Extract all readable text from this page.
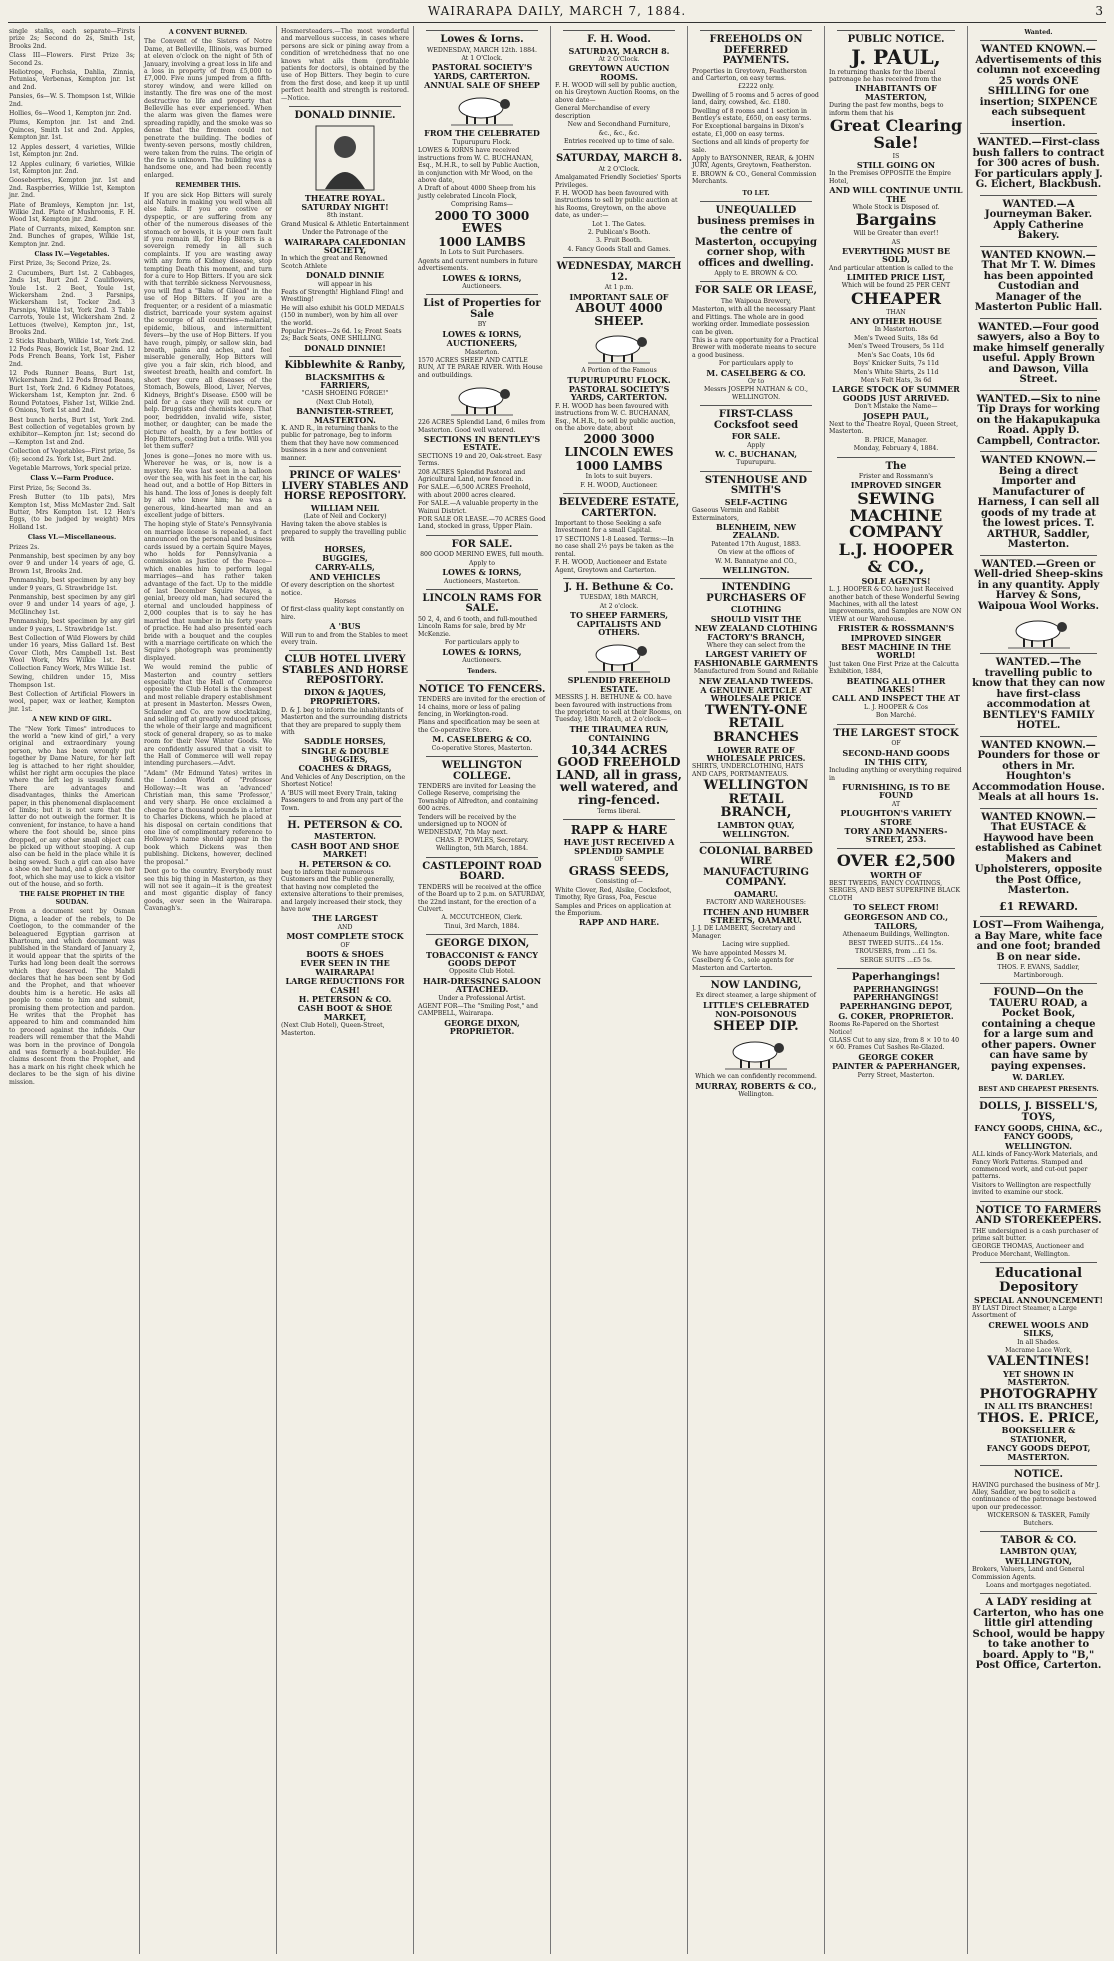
WAIRARAPA DAILY, MARCH 7, 1884.	3
single stalks, each separate—Firsts prize 2s; Second do 2s, Smith 1st, Brooks 2nd.
Class III—Flowers. First Prize 3s; Second 2s.
Heliotrope, Fuchsia, Dahlia, Zinnia, Petunias, Verbenas, Kempton jnr. 1st and 2nd.
Pansies, 6s—W. S. Thompson 1st, Wilkie 2nd.
Hollies, 6s—Wood 1, Kempton jnr. 2nd.
Plums, Kempton jnr. 1st and 2nd. Quinces, Smith 1st and 2nd. Apples, Kempton jnr. 1st.
12 Apples dessert, 4 varieties, Wilkie 1st, Kempton jnr. 2nd.
12 Apples culinary, 6 varieties, Wilkie 1st, Kempton jnr. 2nd.
Gooseberries, Kempton jnr. 1st and 2nd. Raspberries, Wilkie 1st, Kempton jnr. 2nd.
Plate of Bramleys, Kempton jnr. 1st, Wilkie 2nd. Plate of Mushrooms, F. H. Wood 1st, Kempton jnr. 2nd.
Plate of Currants, mixed, Kempton snr. 2nd. Bunches of grapes, Wilkie 1st, Kempton jnr. 2nd.
Class IV.—Vegetables.
First Prize, 3s; Second Prize, 2s.
2 Cucumbers, Burt 1st. 2 Cabbages, 2nds 1st, Burt 2nd. 2 Cauliflowers, Youle 1st. 2 Beet, Youle 1st, Wickersham 2nd. 3 Parsnips, Wickersham 1st, Tocker 2nd. 3 Parsnips, Wilkie 1st, York 2nd. 3 Table Carrots, Youle 1st, Wickersham 2nd. 2 Lettuces (twelve), Kempton jnr., 1st, Brooks 2nd.
2 Sticks Rhubarb, Wilkie 1st, York 2nd. 12 Pods Peas, Bowick 1st, Boar 2nd. 12 Pods French Beans, York 1st, Fisher 2nd.
12 Pods Runner Beans, Burt 1st, Wickersham 2nd. 12 Pods Broad Beans, Burt 1st, York 2nd. 6 Kidney Potatoes, Wickersham 1st, Kempton jnr. 2nd. 6 Round Potatoes, Fisher 1st, Wilkie 2nd. 6 Onions, York 1st and 2nd.
Best bunch herbs, Burt 1st, York 2nd. Best collection of vegetables grown by exhibitor—Kempton jnr. 1st; second do—Kempton 1st and 2nd.
Collection of Vegetables—First prize, 5s (6); second 2s. York 1st, Burt 2nd.
Vegetable Marrows, York special prize.
Class V.—Farm Produce.
First Prize, 5s; Second 3s.
Fresh Butter (to 1lb pats), Mrs Kempton 1st, Miss McMaster 2nd. Salt Butter, Mrs Kempton 1st. 12 Hen's Eggs, (to be judged by weight) Mrs Holland 1st.
Class VI.—Miscellaneous.
Prizes 2s.
Penmanship, best specimen by any boy over 9 and under 14 years of age, G. Brown 1st, Brooks 2nd.
Penmanship, best specimen by any boy under 9 years, G. Strawbridge 1st.
Penmanship, best specimen by any girl over 9 and under 14 years of age, J. McGlinchey 1st.
Penmanship, best specimen by any girl under 9 years, L. Strawbridge 1st.
Best Collection of Wild Flowers by child under 16 years, Miss Gallard 1st. Best Cover Cloth, Mrs Campbell 1st. Best Wool Work, Mrs Wilkie 1st. Best Collection Fancy Work, Mrs Wilkie 1st.
Sewing, children under 15, Miss Thompson 1st.
Best Collection of Artificial Flowers in wool, paper, wax or leather, Kempton jnr. 1st.
A NEW KIND OF GIRL.
The "New York Times" introduces to the world a "new kind of girl," a very original and extraordinary young person, who has been wrongly put together by Dame Nature, for her left leg is attached to her right shoulder, whilst her right arm occupies the place where the left leg is usually found. There are advantages and disadvantages, thinks the American paper, in this phenomenal displacement of limbs; but it is not sure that the latter do not outweigh the former. It is convenient, for instance, to have a hand where the foot should be, since pins dropped, or any other small object can be picked up without stooping. A cup also can be held in the place while it is being sewed. Such a girl can also have a shoe on her hand, and a glove on her foot, which she may use to kick a visitor out of the house, and so forth.
THE FALSE PROPHET IN THE SOUDAN.
From a document sent by Osman Digna, a leader of the rebels, to De Coetlogon, to the commander of the beleaguered Egyptian garrison at Khartoum, and which document was published in the Standard of January 2, it would appear that the spirits of the Turks had long been dealt the sorrows which they deserved. The Mahdi declares that he has been sent by God and the Prophet, and that whoever doubts him is a heretic. He asks all people to come to him and submit, promising them protection and pardon. He writes that the Prophet has appeared to him and commanded him to proceed against the infidels. Our readers will remember that the Mahdi was born in the province of Dongola and was formerly a boat-builder. He claims descent from the Prophet, and has a mark on his right cheek which he declares to be the sign of his divine mission.
A CONVENT BURNED.
The Convent of the Sisters of Notre Dame, at Belleville, Illinois, was burned at eleven o'clock on the night of 5th of January, involving a great loss in life and a loss in property of from £5,000 to £7,000. Five nuns jumped from a fifth-storey window, and were killed on instantly. The fire was one of the most destructive to life and property that Belleville has ever experienced. When the alarm was given the flames were spreading rapidly, and the smoke was so dense that the firemen could not penetrate the building. The bodies of twenty-seven persons, mostly children, were taken from the ruins. The origin of the fire is unknown. The building was a handsome one, and had been recently enlarged.
REMEMBER THIS.
If you are sick Hop Bitters will surely aid Nature in making you well when all else fails. If you are costive or dyspeptic, or are suffering from any other of the numerous diseases of the stomach or bowels, it is your own fault if you remain ill, for Hop Bitters is a sovereign remedy in all such complaints. If you are wasting away with any form of Kidney disease, stop tempting Death this moment, and turn for a cure to Hop Bitters. If you are sick with that terrible sickness Nervousness, you will find a "Balm of Gilead" in the use of Hop Bitters. If you are a frequenter, or a resident of a miasmatic district, barricade your system against the scourge of all countries—malarial, epidemic, bilious, and intermittent fevers—by the use of Hop Bitters. If you have rough, pimply, or sallow skin, bad breath, pains and aches, and feel miserable generally, Hop Bitters will give you a fair skin, rich blood, and sweetest breath, health and comfort. In short they cure all diseases of the Stomach, Bowels, Blood, Liver, Nerves, Kidneys, Bright's Disease. £500 will be paid for a case they will not cure or help. Druggists and chemists keep. That poor, bedridden, invalid wife, sister, mother, or daughter, can be made the picture of health, by a few bottles of Hop Bitters, costing but a trifle. Will you let them suffer?
Jones is gone—Jones no more with us. Wherever he was, or is, now is a mystery. He was last seen in a balloon over the sea, with his feet in the car, his head out, and a bottle of Hop Bitters in his hand. The loss of Jones is deeply felt by all who knew him; he was a generous, kind-hearted man and an excellent judge of bitters.
The hoping style of State's Pennsylvania on marriage license is repealed, a fact announced on the personal and business cards issued by a certain Squire Mayes, who holds for Pennsylvania a commission as Justice of the Peace—which enables him to perform legal marriages—and has rather taken advantage of the fact. Up to the middle of last December Squire Mayes, a genial, breezy old man, had secured the eternal and unclouded happiness of 2,000 couples that is to say he has married that number in his forty years of practice. He had also presented each bride with a bouquet and the couples with a marriage certificate on which the Squire's photograph was prominently displayed.
We would remind the public of Masterton and country settlers especially that the Hall of Commerce opposite the Club Hotel is the cheapest and most reliable drapery establishment at present in Masterton. Messrs Owen, Sclander and Co. are now stocktaking, and selling off at greatly reduced prices, the whole of their large and magnificent stock of general drapery, so as to make room for their New Winter Goods. We are confidently assured that a visit to the Hall of Commerce will well repay intending purchasers.—Advt.
"Adam" (Mr Edmund Yates) writes in the London World of "Professor Holloway:—It was an 'advanced' Christian man, this same 'Professor,' and very sharp. He once exclaimed a cheque for a thousand pounds in a letter to Charles Dickens, which he placed at his disposal on certain conditions that one line of complimentary reference to Holloway's name should appear in the book which Dickens was then publishing. Dickens, however, declined the proposal."
Dont go to the country. Everybody must see this big thing in Masterton, as they will not see it again—it is the greatest and most gigantic display of fancy goods, ever seen in the Wairarapa. Cavanagh's.
Hosmersteaders.—The most wonderful and marvellous success, in cases where persons are sick or pining away from a condition of wretchedness that no one knows what ails them (profitable patients for doctors), is obtained by the use of Hop Bitters. They begin to cure from the first dose, and keep it up until perfect health and strength is restored.—Notice.
DONALD DINNIE.
THEATRE ROYAL.
SATURDAY NIGHT!
8th instant.
Grand Musical & Athletic Entertainment
Under the Patronage of the
WAIRARAPA CALEDONIAN SOCIETY,
In which the great and Renowned Scotch Athlete
DONALD DINNIE
will appear in his
Feats of Strength! Highland Fling! and Wrestling!
He will also exhibit his GOLD MEDALS (150 in number), won by him all over the world.
Popular Prices—2s 6d. 1s; Front Seats 2s; Back Seats, ONE SHILLING.
DONALD DINNIE!
Kibblewhite & Ranby,
BLACKSMITHS & FARRIERS,
"CASH SHOEING FORGE!"
(Next Club Hotel),
BANNISTER-STREET, MASTERTON.
K. AND R., in returning thanks to the public for patronage, beg to inform them that they have now commenced business in a new and convenient manner.
PRINCE OF WALES' LIVERY STABLES AND HORSE REPOSITORY.
WILLIAM NEIL
(Late of Neil and Cockery)
Having taken the above stables is prepared to supply the travelling public with
HORSES,
BUGGIES,
CARRY-ALLS,
AND VEHICLES
Of every description on the shortest notice.
Horses
Of first-class quality kept constantly on hire.
A 'BUS
Will run to and from the Stables to meet every train.
CLUB HOTEL LIVERY STABLES AND HORSE REPOSITORY.
DIXON & JAQUES,
PROPRIETORS.
D. & J. beg to inform the inhabitants of Masterton and the surrounding districts that they are prepared to supply them with
SADDLE HORSES,
SINGLE & DOUBLE BUGGIES,
COACHES & DRAGS,
And Vehicles of Any Description, on the Shortest Notice!
A 'BUS will meet Every Train, taking Passengers to and from any part of the Town.
H. PETERSON & CO.
MASTERTON.
CASH BOOT AND SHOE MARKET!
H. PETERSON & CO.
beg to inform their numerous Customers and the Public generally, that having now completed the extensive alterations to their premises, and largely increased their stock, they have now
THE LARGEST
AND
MOST COMPLETE STOCK
OF
BOOTS & SHOES
EVER SEEN IN THE WAIRARAPA!
LARGE REDUCTIONS FOR CASH!
H. PETERSON & CO.
CASH BOOT & SHOE MARKET,
(Next Club Hotel), Queen-Street, Masterton.
Lowes & Iorns.
WEDNESDAY, MARCH 12th. 1884.
At 1 O'Clock.
PASTORAL SOCIETY'S YARDS, CARTERTON.
ANNUAL SALE OF SHEEP
FROM THE CELEBRATED
Tupurupuru Flock.
LOWES & IORNS have received instructions from W. C. BUCHANAN, Esq., M.H.R., to sell by Public Auction, in conjunction with Mr Wood, on the above date,
A Draft of about 4000 Sheep from his justly celebrated Lincoln Flock,
Comprising Rams—
2000 TO 3000 EWES
1000 LAMBS
In Lots to Suit Purchasers.
Agents and current numbers in future advertisements.
LOWES & IORNS,
Auctioneers.
List of Properties for Sale
BY
LOWES & IORNS,
AUCTIONEERS,
Masterton.
1570 ACRES SHEEP AND CATTLE RUN, AT TE PARAE RIVER. With House and outbuildings.
226 ACRES Splendid Land, 6 miles from Masterton. Good well watered.
SECTIONS IN BENTLEY'S ESTATE.
SECTIONS 19 and 20, Oak-street. Easy Terms.
208 ACRES Splendid Pastoral and Agricultural Land, now fenced in.
For SALE.—6,500 ACRES Freehold, with about 2000 acres cleared.
For SALE.—A valuable property in the Wainui District.
FOR SALE OR LEASE.—70 ACRES Good Land, stocked in grass, Upper Plain.
FOR SALE.
800 GOOD MERINO EWES, full mouth.
Apply to
LOWES & IORNS,
Auctioneers, Masterton.
LINCOLN RAMS FOR SALE.
50 2, 4, and 6 tooth, and full-mouthed Lincoln Rams for sale, bred by Mr McKenzie.
For particulars apply to
LOWES & IORNS,
Auctioneers.
Tenders.
NOTICE TO FENCERS.
TENDERS are invited for the erection of 14 chains, more or less of paling fencing, in Workington-road.
Plans and specification may be seen at the Co-operative Store.
M. CASELBERG & CO.
Co-operative Stores, Masterton.
WELLINGTON COLLEGE.
TENDERS are invited for Leasing the College Reserve, comprising the Township of Alfredton, and containing 600 acres.
Tenders will be received by the undersigned up to NOON of WEDNESDAY, 7th May next.
CHAS. P. POWLES, Secretary.
Wellington, 5th March, 1884.
CASTLEPOINT ROAD BOARD.
TENDERS will be received at the office of the Board up to 2 p.m. on SATURDAY, the 22nd instant, for the erection of a Culvert.
A. MCCUTCHEON, Clerk.
Tinui, 3rd March, 1884.
GEORGE DIXON,
TOBACCONIST & FANCY GOODS DEPOT
Opposite Club Hotel.
HAIR-DRESSING SALOON ATTACHED.
Under a Professional Artist.
AGENT FOR—The "Smiling Post," and CAMPBELL, Wairarapa.
GEORGE DIXON, PROPRIETOR.
F. H. Wood.
SATURDAY, MARCH 8.
At 2 O'Clock.
GREYTOWN AUCTION ROOMS.
F. H. WOOD will sell by public auction, on his Greytown Auction Rooms, on the above date—
General Merchandise of every description
New and Secondhand Furniture,
&c., &c., &c.
Entries received up to time of sale.
SATURDAY, MARCH 8.
At 2 O'Clock.
Amalgamated Friendly Societies' Sports Privileges.
F. H. WOOD has been favoured with instructions to sell by public auction at his Rooms, Greytown, on the above date, as under:—
Lot 1. The Gates.
2. Publican's Booth.
3. Fruit Booth.
4. Fancy Goods Stall and Games.
WEDNESDAY, MARCH 12.
At 1 p.m.
IMPORTANT SALE OF
ABOUT 4000 SHEEP.
A Portion of the Famous
TUPURUPURU FLOCK.
PASTORAL SOCIETY'S YARDS, CARTERTON.
F. H. WOOD has been favoured with instructions from W. C. BUCHANAN, Esq., M.H.R., to sell by public auction, on the above date, about
2000 3000 LINCOLN EWES
1000 LAMBS
In lots to suit buyers.
F. H. WOOD, Auctioneer.
BELVEDERE ESTATE, CARTERTON.
Important to those Seeking a safe Investment for a small Capital.
17 SECTIONS 1-8 Leased. Terms:—In no case shall 2½ pays be taken as the rental.
F. H. WOOD, Auctioneer and Estate Agent, Greytown and Carterton.
J. H. Bethune & Co.
TUESDAY, 18th MARCH,
At 2 o'clock.
TO SHEEP FARMERS, CAPITALISTS AND OTHERS.
SPLENDID FREEHOLD ESTATE.
MESSRS J. H. BETHUNE & CO. have been favoured with instructions from the proprietor, to sell at their Rooms, on Tuesday, 18th March, at 2 o'clock—
THE TIRAUMEA RUN,
CONTAINING
10,344 ACRES GOOD FREEHOLD LAND, all in grass, well watered, and ring-fenced.
Terms liberal.
RAPP & HARE
HAVE JUST RECEIVED A
SPLENDID SAMPLE
OF
GRASS SEEDS,
Consisting of—
White Clover, Red, Alsike, Cocksfoot, Timothy, Rye Grass, Poa, Fescue
Samples and Prices on application at the Emporium.
RAPP AND HARE.
FREEHOLDS ON DEFERRED PAYMENTS.
Properties in Greytown, Featherston and Carterton, on easy terms.
£2222 only.
Dwelling of 5 rooms and 5 acres of good land, dairy, cowshed, &c. £180.
Dwelling of 8 rooms and 1 section in Bentley's estate, £650, on easy terms.
For Exceptional bargains in Dixon's estate, £1,000 on easy terms.
Sections and all kinds of property for sale.
Apply to BAYSONNER, REAR, & JOHN JURY, Agents, Greytown, Featherston.
E. BROWN & CO., General Commission Merchants.
TO LET.
UNEQUALLED business premises in the centre of Masterton, occupying corner shop, with offices and dwelling.
Apply to E. BROWN & CO.
FOR SALE OR LEASE,
The Waipoua Brewery,
Masterton, with all the necessary Plant and Fittings. The whole are in good working order. Immediate possession can be given.
This is a rare opportunity for a Practical Brewer with moderate means to secure a good business.
For particulars apply to
M. CASELBERG & CO.
Or to
Messrs JOSEPH NATHAN & CO., WELLINGTON.
FIRST-CLASS Cocksfoot seed
FOR SALE.
Apply
W. C. BUCHANAN,
Tupurupuru.
STENHOUSE AND SMITH'S
SELF-ACTING
Gaseous Vermin and Rabbit Exterminators,
BLENHEIM, NEW ZEALAND.
Patented 17th August, 1883.
On view at the offices of
W. M. Bannatyne and CO.,
WELLINGTON.
INTENDING PURCHASERS OF
CLOTHING
SHOULD VISIT THE
NEW ZEALAND CLOTHING FACTORY'S BRANCH,
Where they can select from the
LARGEST VARIETY OF FASHIONABLE GARMENTS
Manufactured from Sound and Reliable
NEW ZEALAND TWEEDS.
A GENUINE ARTICLE AT WHOLESALE PRICE
TWENTY-ONE RETAIL BRANCHES
LOWER RATE OF WHOLESALE PRICES.
SHIRTS, UNDERCLOTHING, HATS AND CAPS, PORTMANTEAUS.
WELLINGTON RETAIL BRANCH,
LAMBTON QUAY, WELLINGTON.
COLONIAL BARBED WIRE MANUFACTURING COMPANY.
OAMARU.
FACTORY AND WAREHOUSES:
ITCHEN AND HUMBER STREETS, OAMARU.
J. J. DE LAMBERT, Secretary and Manager.
Lacing wire supplied.
We have appointed Messrs M. Caselberg & Co., sole agents for Masterton and Carterton.
NOW LANDING,
Ex direct steamer, a large shipment of
LITTLE'S CELEBRATED
NON-POISONOUS
SHEEP DIP.
Which we can confidently recommend.
MURRAY, ROBERTS & CO.,
Wellington.
PUBLIC NOTICE.
J. PAUL,
In returning thanks for the liberal patronage he has received from the
INHABITANTS OF MASTERTON,
During the past few months, begs to inform them that his
Great Clearing Sale!
IS
STILL GOING ON
In the Premises OPPOSITE the Empire Hotel,
AND WILL CONTINUE UNTIL THE
Whole Stock is Disposed of.
Bargains
Will be Greater than ever!!
AS
EVERYTHING MUST BE SOLD,
And particular attention is called to the
LIMITED PRICE LIST,
Which will be found 25 PER CENT
CHEAPER
THAN
ANY OTHER HOUSE
In Masterton.
Men's Tweed Suits, 18s 6d
Men's Tweed Trousers, 5s 11d
Men's Sac Coats, 10s 6d
Boys' Knicker Suits, 7s 11d
Men's White Shirts, 2s 11d
Men's Felt Hats, 3s 6d
LARGE STOCK OF SUMMER GOODS JUST ARRIVED.
Don't Mistake the Name—
JOSEPH PAUL,
Next to the Theatre Royal, Queen Street, Masterton.
B. PRICE, Manager.
Monday, February 4, 1884.
The
Frister and Rossmann's
IMPROVED SINGER
SEWING MACHINE COMPANY
L.J. HOOPER & CO.,
SOLE AGENTS!
L. J. HOOPER & CO. have just Received another batch of these Wonderful Sewing Machines, with all the latest improvements, and Samples are NOW ON VIEW at our Warehouse.
FRISTER & ROSSMANN'S
IMPROVED SINGER
BEST MACHINE IN THE WORLD!
Just taken One First Prize at the Calcutta Exhibition, 1884,
BEATING ALL OTHER MAKES!
CALL AND INSPECT THE AT
L. J. HOOPER & Cos
Bon Marché.
THE LARGEST STOCK
OF
SECOND-HAND GOODS
IN THIS CITY,
Including anything or everything required in
FURNISHING, IS TO BE FOUND
AT
PLOUGHTON'S VARIETY STORE
TORY AND MANNERS-STREET, 253.
OVER £2,500
WORTH OF
BEST TWEEDS, FANCY COATINGS, SERGES, AND BEST SUPERFINE BLACK CLOTH
TO SELECT FROM!
GEORGESON AND CO.,
TAILORS,
Athenaeum Buildings, Wellington.
BEST TWEED SUITS...£4 15s.
TROUSERS, from ...£1 5s.
SERGE SUITS ...£5 5s.
Paperhangings!
PAPERHANGINGS! PAPERHANGINGS!
PAPERHANGING DEPOT,
G. COKER, PROPRIETOR.
Rooms Re-Papered on the Shortest Notice!
GLASS Cut to any size, from 8 × 10 to 40 × 60. Frames Cut Sashes Re-Glazed.
GEORGE COKER
PAINTER & PAPERHANGER,
Perry Street, Masterton.
Wanted.
WANTED KNOWN.—Advertisements of this column not exceeding 25 words ONE SHILLING for one insertion; SIXPENCE each subsequent insertion.
WANTED.—First-class bush fallers to contract for 300 acres of bush. For particulars apply J. G. Eichert, Blackbush.
WANTED.—A Journeyman Baker. Apply Catherine Bakery.
WANTED KNOWN.—That Mr T. W. Dimes has been appointed Custodian and Manager of the Masterton Public Hall.
WANTED.—Four good sawyers, also a Boy to make himself generally useful. Apply Brown and Dawson, Villa Street.
WANTED.—Six to nine Tip Drays for working on the Hakapukapuka Road. Apply D. Campbell, Contractor.
WANTED KNOWN.—Being a direct Importer and Manufacturer of Harness, I can sell all goods of my trade at the lowest prices. T. ARTHUR, Saddler, Masterton.
WANTED.—Green or Well-dried Sheep-skins in any quantity. Apply Harvey & Sons, Waipoua Wool Works.
WANTED.—The travelling public to know that they can now have first-class accommodation at BENTLEY'S FAMILY HOTEL.
WANTED KNOWN.—Pounders for those or others in Mr. Houghton's Accommodation House. Meals at all hours 1s.
WANTED KNOWN.—That EUSTACE & Haywood have been established as Cabinet Makers and Upholsterers, opposite the Post Office, Masterton.
£1 REWARD.
LOST—From Waihenga, a Bay Mare, white face and one foot; branded B on near side.
THOS. F. EVANS, Saddler, Martinborough.
FOUND—On the TAUERU ROAD, a Pocket Book, containing a cheque for a large sum and other papers. Owner can have same by paying expenses.
W. DARLEY.
BEST AND CHEAPEST PRESENTS.
DOLLS, J. BISSELL'S, TOYS,
FANCY GOODS, CHINA, &C., FANCY GOODS,
WELLINGTON.
ALL kinds of Fancy-Work Materials, and Fancy Work Patterns. Stamped and commenced work, and cut-out paper patterns.
Visitors to Wellington are respectfully invited to examine our stock.
NOTICE TO FARMERS AND STOREKEEPERS.
THE undersigned is a cash purchaser of prime salt butter.
GEORGE THOMAS, Auctioneer and Produce Merchant, Wellington.
Educational Depository
SPECIAL ANNOUNCEMENT!
BY LAST Direct Steamer, a Large Assortment of
CREWEL WOOLS AND SILKS,
In all Shades.
Macrame Lace Work,
VALENTINES!
YET SHOWN IN MASTERTON.
PHOTOGRAPHY
IN ALL ITS BRANCHES!
THOS. E. PRICE,
BOOKSELLER & STATIONER,
FANCY GOODS DEPOT, MASTERTON.
NOTICE.
HAVING purchased the business of Mr J. Alley, Saddler, we beg to solicit a continuance of the patronage bestowed upon our predecessor.
WICKERSON & TASKER, Family Butchers.
TABOR & CO.
LAMBTON QUAY,
WELLINGTON,
Brokers, Valuers, Land and General Commission Agents.
Loans and mortgages negotiated.
A LADY residing at Carterton, who has one little girl attending School, would be happy to take another to board. Apply to "B," Post Office, Carterton.
